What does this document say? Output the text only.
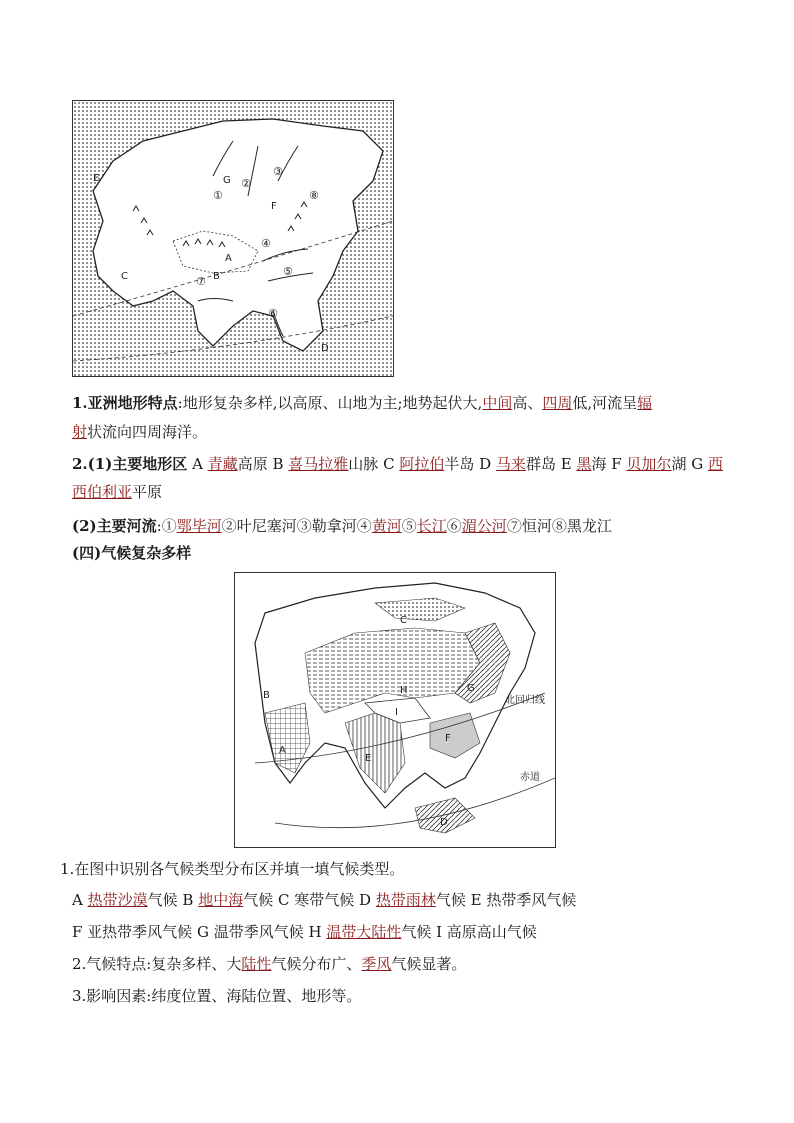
A
B
C
D
E
F
G
①
②
③
④
⑤
⑥
⑦
⑧
1.亚洲地形特点:地形复杂多样,以高原、山地为主;地势起伏大,中间高、四周低,河流呈辐
射状流向四周海洋。
2.(1)主要地形区 A 青藏高原 B 喜马拉雅山脉 C 阿拉伯半岛 D 马来群岛 E 黑海 F 贝加尔湖 G 西
西伯利亚平原
(2)主要河流:①鄂毕河②叶尼塞河③勒拿河④黄河⑤长江⑥湄公河⑦恒河⑧黑龙江
(四)气候复杂多样
北回归线
赤道
A
B
C
D
E
F
G
H
I
1.在图中识别各气候类型分布区并填一填气候类型。
A 热带沙漠气候 B 地中海气候 C 寒带气候 D 热带雨林气候 E 热带季风气候
F 亚热带季风气候 G 温带季风气候 H 温带大陆性气候 I 高原高山气候
2.气候特点:复杂多样、大陆性气候分布广、季风气候显著。
3.影响因素:纬度位置、海陆位置、地形等。
